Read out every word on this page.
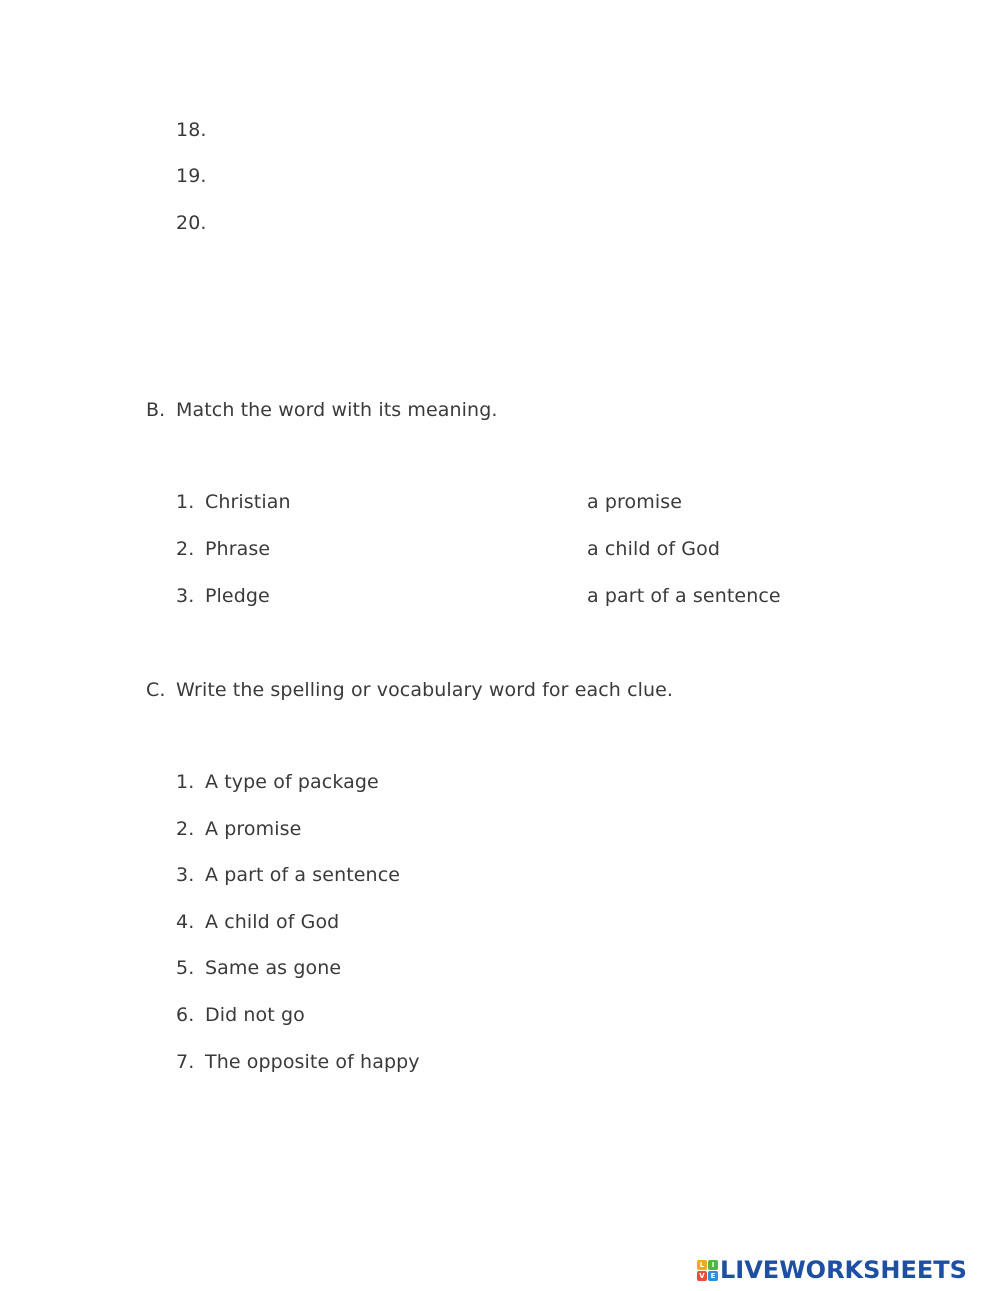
18.
19.
20.
B. Match the word with its meaning.
1. Christian	a promise
2. Phrase	a child of God
3. Pledge	a part of a sentence
C. Write the spelling or vocabulary word for each clue.
1. A type of package
2. A promise
3. A part of a sentence
4. A child of God
5. Same as gone
6. Did not go
7. The opposite of happy
L	I
V E LIVEWORKSHEETS
